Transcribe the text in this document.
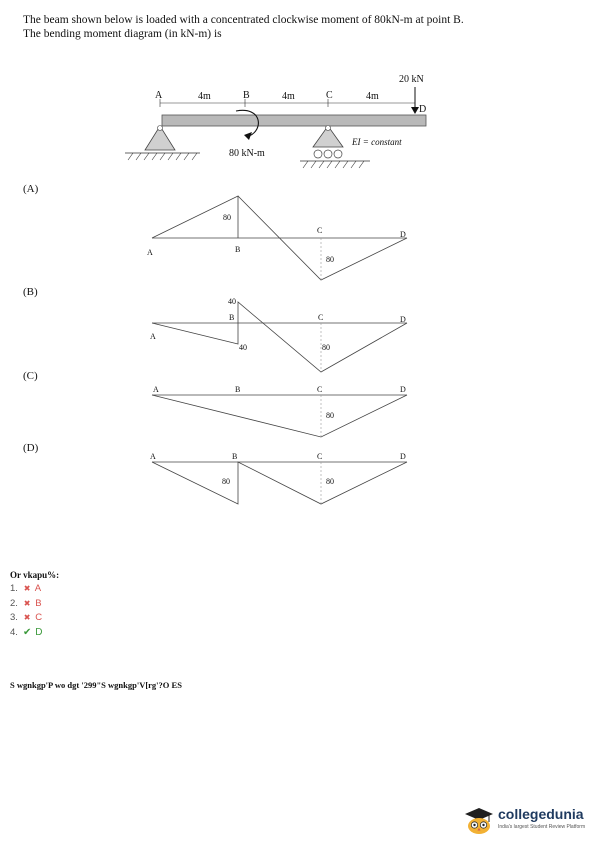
The beam shown below is loaded with a concentrated clockwise moment of 80kN-m at point B.
The bending moment diagram (in kN-m) is
A	4m	B	4m	C	4m
20 kN
D
80 kN-m
EI = constant
A
80
B
C
80
D
A
40
B
40
C
80
D
A	B	C
80
D
A	B
80
C
80
D
(A)
(B)
(C)
(D)
Or vkapu%:
1. ✖ A
2. ✖ B
3. ✖ C
4. ✔ D
S wgnkgp'P wo dgt '299"S wgnkgp'V[rg'?O ES
collegedunia
India's largest Student Review Platform
